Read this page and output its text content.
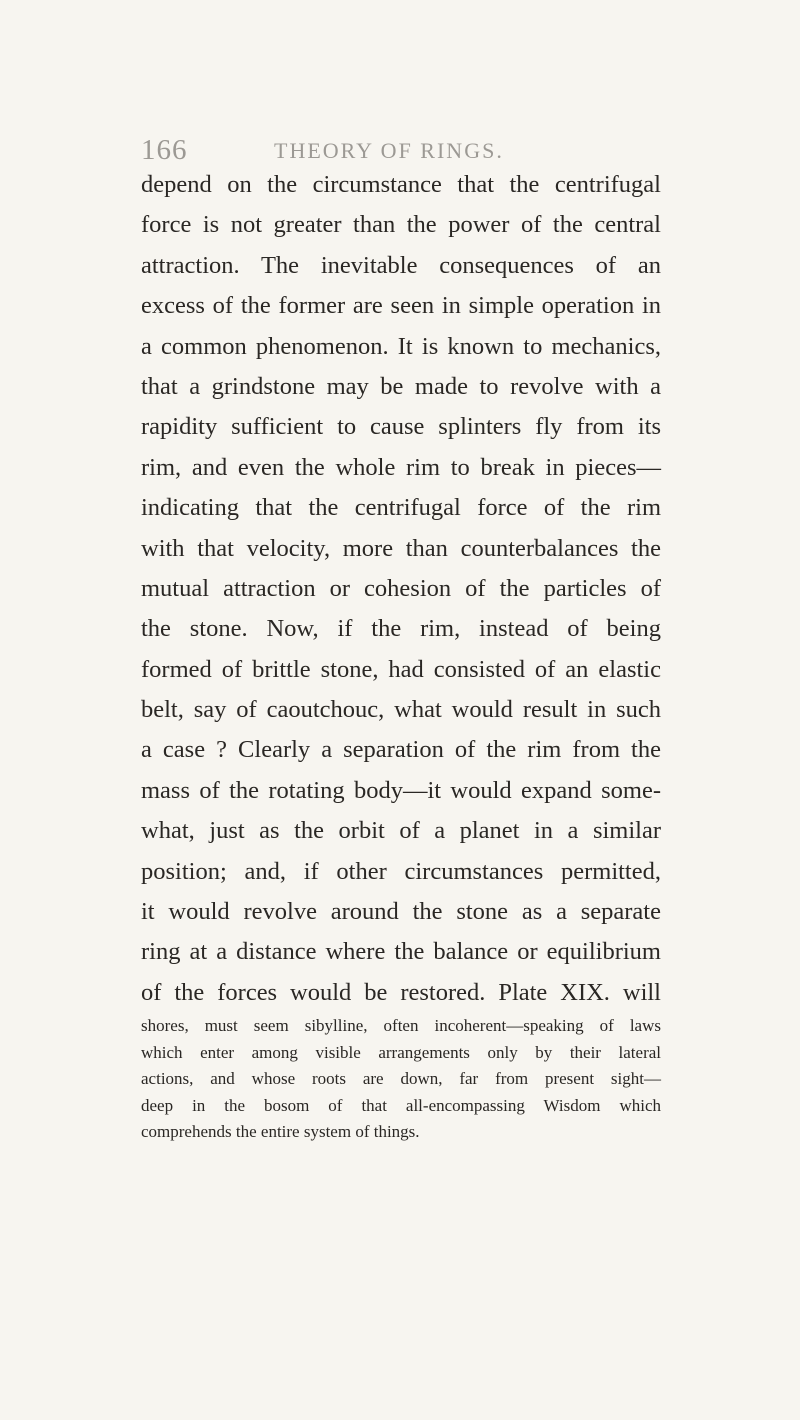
166	THEORY OF RINGS.
depend on the circumstance that the centrifugal
force is not greater than the power of the central
attraction. The inevitable consequences of an
excess of the former are seen in simple operation in
a common phenomenon. It is known to mechanics,
that a grindstone may be made to revolve with a
rapidity sufficient to cause splinters fly from its
rim, and even the whole rim to break in pieces—
indicating that the centrifugal force of the rim
with that velocity, more than counterbalances the
mutual attraction or cohesion of the particles of
the stone. Now, if the rim, instead of being
formed of brittle stone, had consisted of an elastic
belt, say of caoutchouc, what would result in such
a case ? Clearly a separation of the rim from the
mass of the rotating body—it would expand some-
what, just as the orbit of a planet in a similar
position; and, if other circumstances permitted,
it would revolve around the stone as a separate
ring at a distance where the balance or equilibrium
of the forces would be restored. Plate XIX. will
shores, must seem sibylline, often incoherent—speaking of laws
which enter among visible arrangements only by their lateral
actions, and whose roots are down, far from present sight—
deep in the bosom of that all-encompassing Wisdom which
comprehends the entire system of things.
